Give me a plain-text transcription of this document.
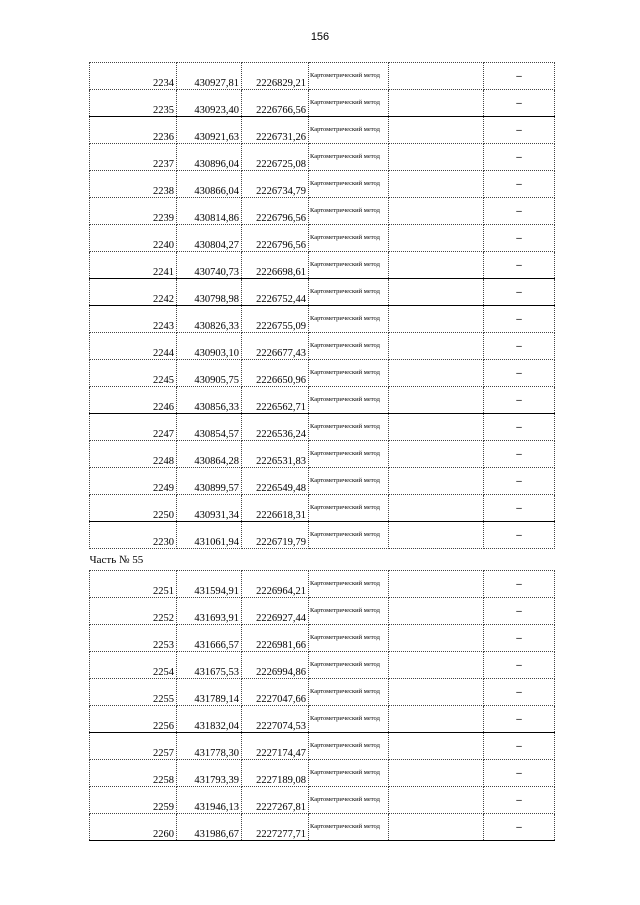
156
2234	430927,81	2226829,21	Картометрический метод		–
2235	430923,40	2226766,56	Картометрический метод		–
2236	430921,63	2226731,26	Картометрический метод		–
2237	430896,04	2226725,08	Картометрический метод		–
2238	430866,04	2226734,79	Картометрический метод		–
2239	430814,86	2226796,56	Картометрический метод		–
2240	430804,27	2226796,56	Картометрический метод		–
2241	430740,73	2226698,61	Картометрический метод		–
2242	430798,98	2226752,44	Картометрический метод		–
2243	430826,33	2226755,09	Картометрический метод		–
2244	430903,10	2226677,43	Картометрический метод		–
2245	430905,75	2226650,96	Картометрический метод		–
2246	430856,33	2226562,71	Картометрический метод		–
2247	430854,57	2226536,24	Картометрический метод		–
2248	430864,28	2226531,83	Картометрический метод		–
2249	430899,57	2226549,48	Картометрический метод		–
2250	430931,34	2226618,31	Картометрический метод		–
2230	431061,94	2226719,79	Картометрический метод		–
Часть № 55					
2251	431594,91	2226964,21	Картометрический метод		–
2252	431693,91	2226927,44	Картометрический метод		–
2253	431666,57	2226981,66	Картометрический метод		–
2254	431675,53	2226994,86	Картометрический метод		–
2255	431789,14	2227047,66	Картометрический метод		–
2256	431832,04	2227074,53	Картометрический метод		–
2257	431778,30	2227174,47	Картометрический метод		–
2258	431793,39	2227189,08	Картометрический метод		–
2259	431946,13	2227267,81	Картометрический метод		–
2260	431986,67	2227277,71	Картометрический метод		–
